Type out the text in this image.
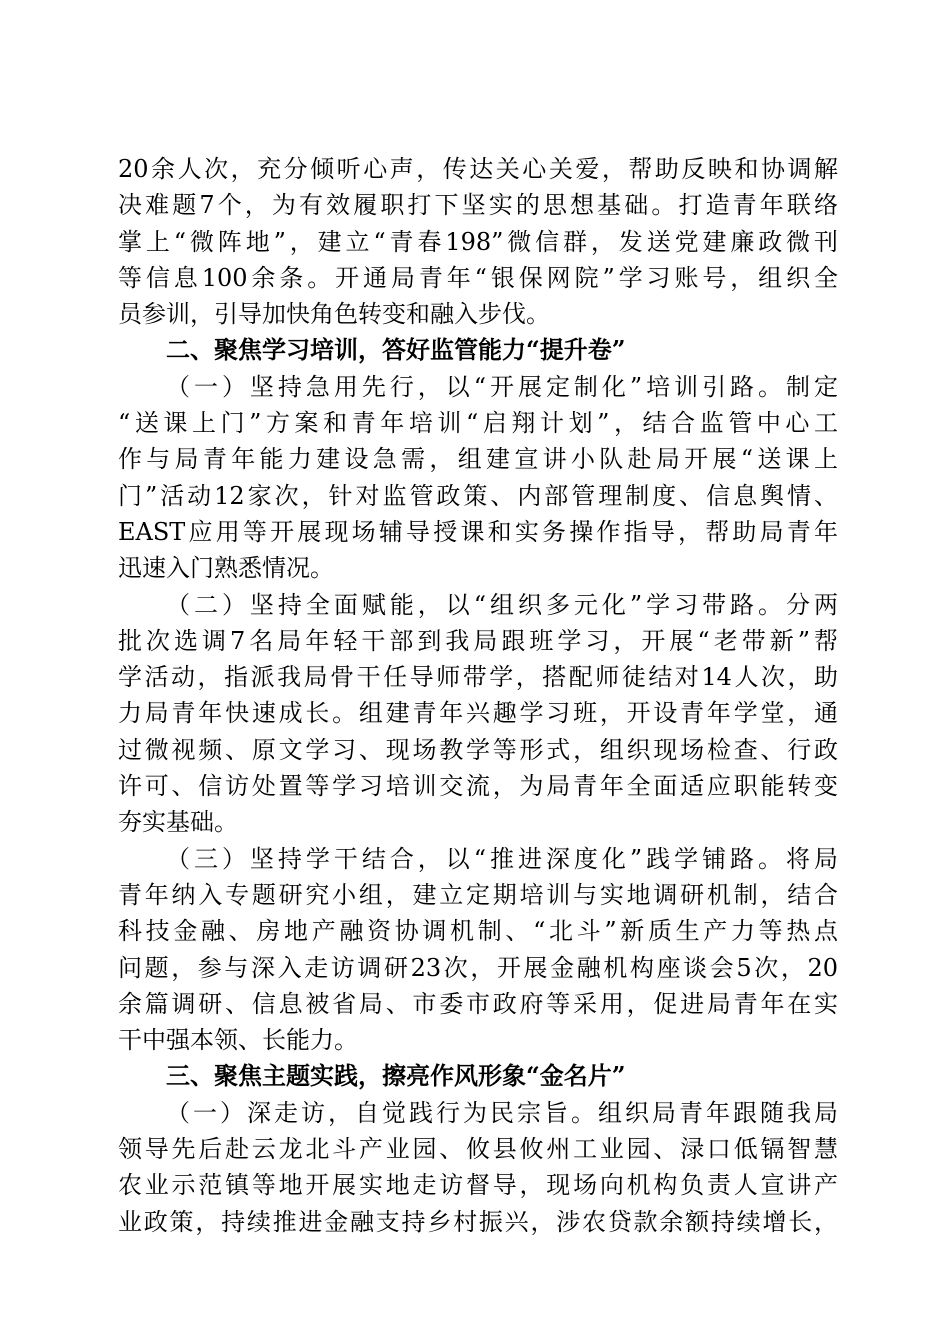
20余人次，充分倾听心声，传达关心关爱，帮助反映和协调解
决难题7个，为有效履职打下坚实的思想基础。打造青年联络
掌上“微阵地”，建立“青春198”微信群，发送党建廉政微刊
等信息100余条。开通局青年“银保网院”学习账号，组织全
员参训，引导加快角色转变和融入步伐。
二、聚焦学习培训，答好监管能力“提升卷”
（一）坚持急用先行，以“开展定制化”培训引路。制定
“送课上门”方案和青年培训“启翔计划”，结合监管中心工
作与局青年能力建设急需，组建宣讲小队赴局开展“送课上
门”活动12家次，针对监管政策、内部管理制度、信息舆情、
EAST应用等开展现场辅导授课和实务操作指导，帮助局青年
迅速入门熟悉情况。
（二）坚持全面赋能，以“组织多元化”学习带路。分两
批次选调7名局年轻干部到我局跟班学习，开展“老带新”帮
学活动，指派我局骨干任导师带学，搭配师徒结对14人次，助
力局青年快速成长。组建青年兴趣学习班，开设青年学堂，通
过微视频、原文学习、现场教学等形式，组织现场检查、行政
许可、信访处置等学习培训交流，为局青年全面适应职能转变
夯实基础。
（三）坚持学干结合，以“推进深度化”践学铺路。将局
青年纳入专题研究小组，建立定期培训与实地调研机制，结合
科技金融、房地产融资协调机制、“北斗”新质生产力等热点
问题，参与深入走访调研23次，开展金融机构座谈会5次，20
余篇调研、信息被省局、市委市政府等采用，促进局青年在实
干中强本领、长能力。
三、聚焦主题实践，擦亮作风形象“金名片”
（一）深走访，自觉践行为民宗旨。组织局青年跟随我局
领导先后赴云龙北斗产业园、攸县攸州工业园、渌口低镉智慧
农业示范镇等地开展实地走访督导，现场向机构负责人宣讲产
业政策，持续推进金融支持乡村振兴，涉农贷款余额持续增长，
